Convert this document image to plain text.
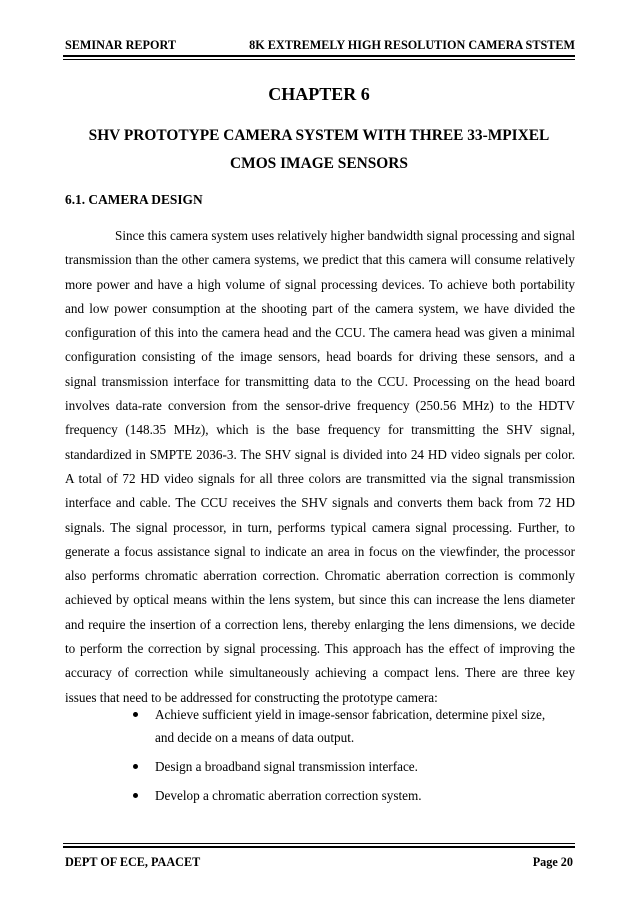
SEMINAR REPORT	8K EXTREMELY HIGH RESOLUTION CAMERA STSTEM
CHAPTER 6
SHV PROTOTYPE CAMERA SYSTEM WITH THREE 33-MPIXEL
CMOS IMAGE SENSORS
6.1. CAMERA DESIGN

Since this camera system uses relatively higher bandwidth signal processing and signal transmission than the other camera systems, we predict that this camera will consume relatively more power and have a high volume of signal processing devices. To achieve both portability and low power consumption at the shooting part of the camera system, we have divided the configuration of this into the camera head and the CCU. The camera head was given a minimal configuration consisting of the image sensors, head boards for driving these sensors, and a signal transmission interface for transmitting data to the CCU. Processing on the head board involves data-rate conversion from the sensor-drive frequency (250.56 MHz) to the HDTV frequency (148.35 MHz), which is the base frequency for transmitting the SHV signal, standardized in SMPTE 2036-3. The SHV signal is divided into 24 HD video signals per color. A total of 72 HD video signals for all three colors are transmitted via the signal transmission interface and cable. The CCU receives the SHV signals and converts them back from 72 HD signals. The signal processor, in turn, performs typical camera signal processing. Further, to generate a focus assistance signal to indicate an area in focus on the viewfinder, the processor also performs chromatic aberration correction. Chromatic aberration correction is commonly achieved by optical means within the lens system, but since this can increase the lens diameter and require the insertion of a correction lens, thereby enlarging the lens dimensions, we decide to perform the correction by signal processing. This approach has the effect of improving the accuracy of correction while simultaneously achieving a compact lens. There are three key issues that need to be addressed for constructing the prototype camera:

Achieve sufficient yield in image-sensor fabrication, determine pixel size, and decide on a means of data output.
Design a broadband signal transmission interface.
Develop a chromatic aberration correction system.
DEPT OF ECE, PAACET	Page 20
